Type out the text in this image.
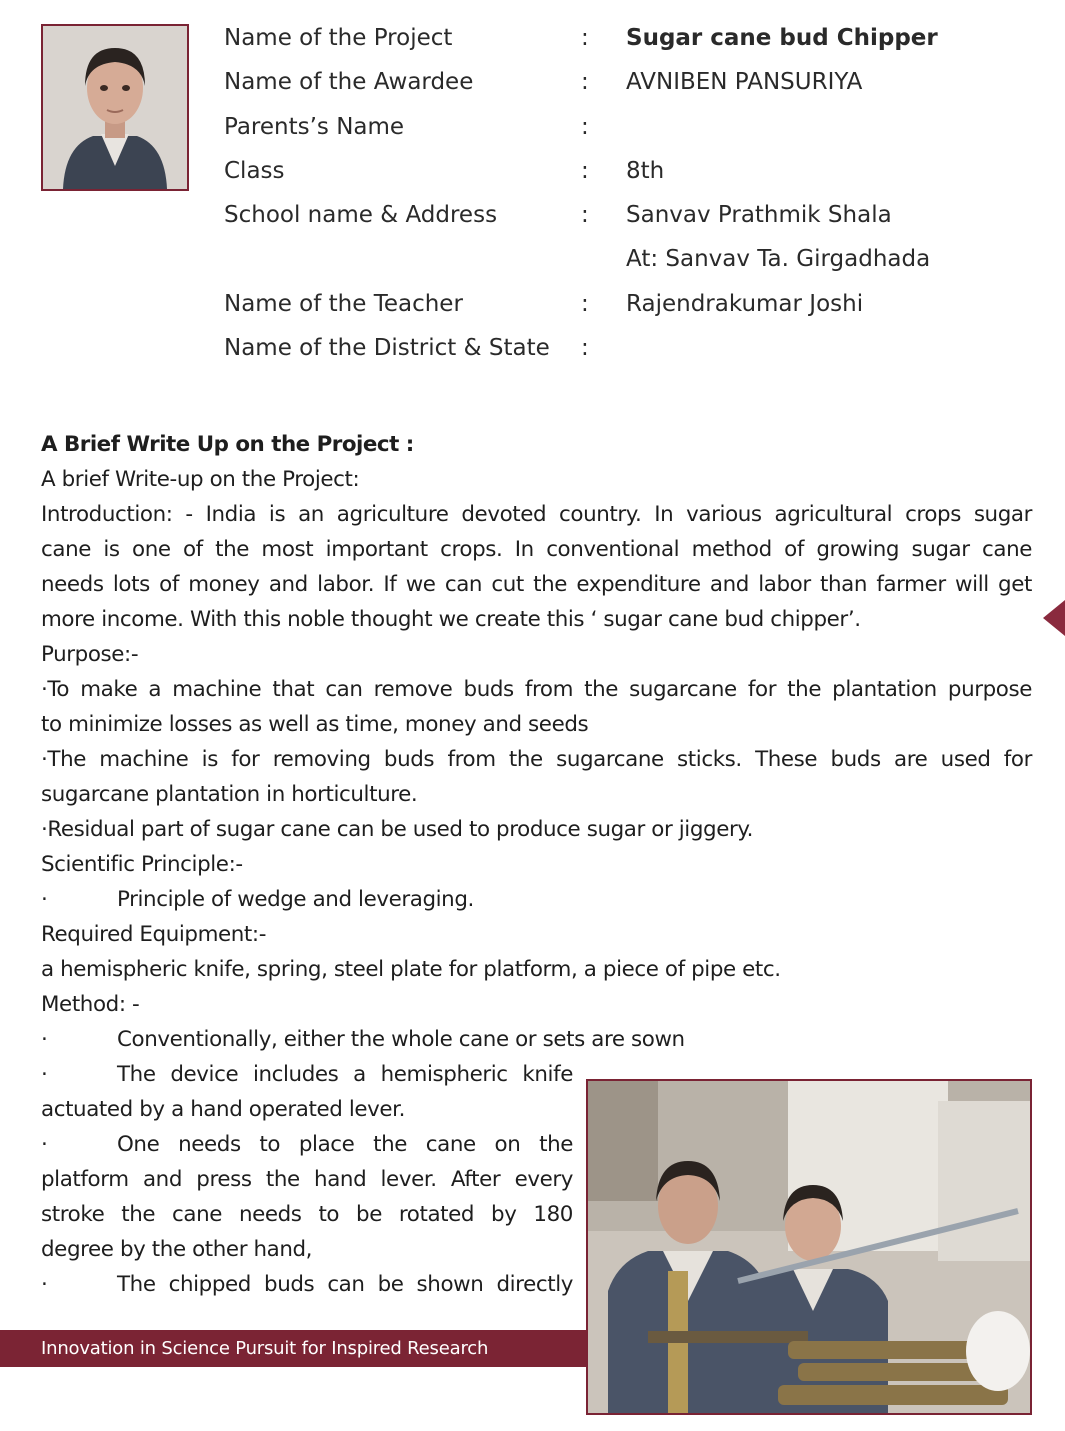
Name of the Project	: Sugar cane bud Chipper
Name of the Awardee	: AVNIBEN PANSURIYA
Parents’s Name	:
Class	: 8th
School name & Address	: Sanvav Prathmik Shala
At: Sanvav Ta. Girgadhada
Name of the Teacher	: Rajendrakumar Joshi
Name of the District & State :
A Brief Write Up on the Project :
A brief Write-up on the Project:
Introduction: - India is an agriculture devoted country. In various agricultural crops sugar
cane is one of the most important crops. In conventional method of growing sugar cane
needs lots of money and labor. If we can cut the expenditure and labor than farmer will get
more income. With this noble thought we create this ‘ sugar cane bud chipper’.
Purpose:-
·To make a machine that can remove buds from the sugarcane for the plantation purpose
to minimize losses as well as time, money and seeds
·The machine is for removing buds from the sugarcane sticks. These buds are used for
sugarcane plantation in horticulture.
·Residual part of sugar cane can be used to produce sugar or jiggery.
Scientific Principle:-
·	Principle of wedge and leveraging.
Required Equipment:-
a hemispheric knife, spring, steel plate for platform, a piece of pipe etc.
Method: -
·	Conventionally, either the whole cane or sets are sown
·	The device includes a hemispheric knife
actuated by a hand operated lever.
·	One needs to place the cane on the
platform and press the hand lever. After every
stroke the cane needs to be rotated by 180
degree by the other hand,
·	The chipped buds can be shown directly
Innovation in Science Pursuit for Inspired Research
